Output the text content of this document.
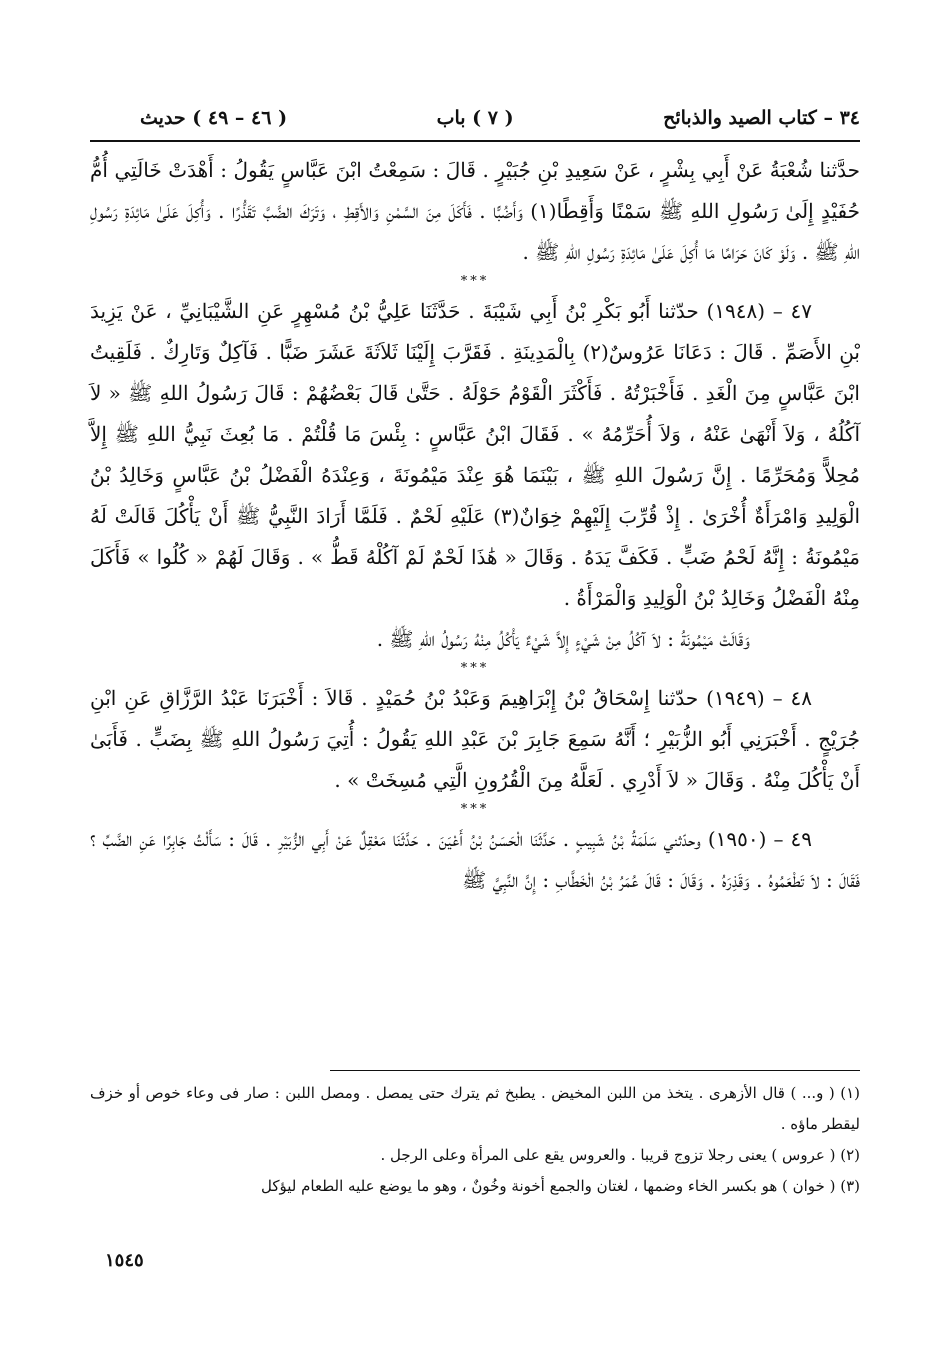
٣٤ – كتاب الصيد والذبائح
( ٧ ) باب
( ٤٦ – ٤٩ ) حديث

حدَّثنا شُعْبَةُ عَنْ أَبِي بِشْرٍ ، عَنْ سَعِيدِ بْنِ جُبَيْرٍ . قَالَ : سَمِعْتُ ابْنَ عَبَّاسٍ يَقُولُ : أَهْدَتْ خَالَتِي أُمُّ حُفَيْدٍ إِلَىٰ رَسُولِ اللهِ ﷺ سَمْنًا وَأَقِطًا(١) وَأَضُبًّا . فَأَكَلَ مِنَ السَّمْنِ وَالأَقِطِ ، وَتَرَكَ الضَّبَّ تَقَذُّرًا . وَأُكِلَ عَلَىٰ مَائِدَةِ رَسُولِ اللهِ ﷺ . وَلَوْ كَانَ حَرَامًا مَا أُكِلَ عَلَىٰ مَائِدَةِ رَسُولِ اللهِ ﷺ .

***

٤٧ – (١٩٤٨) حدّثنا أَبُو بَكْرِ بْنُ أَبِي شَيْبَةَ . حَدَّثَنَا عَلِيُّ بْنُ مُسْهِرٍ عَنِ الشَّيْبَانِيِّ ، عَنْ يَزِيدَ بْنِ الأَصَمِّ . قَالَ : دَعَانَا عَرُوسٌ(٢) بِالْمَدِينَةِ . فَقَرَّبَ إِلَيْنَا ثَلاَثَةَ عَشَرَ ضَبًّا . فَآكِلٌ وَتَارِكٌ . فَلَقِيتُ ابْنَ عَبَّاسٍ مِنَ الْغَدِ . فَأَخْبَرْتُهُ . فَأَكْثَرَ الْقَوْمُ حَوْلَهُ . حَتَّىٰ قَالَ بَعْضُهُمْ : قَالَ رَسُولُ اللهِ ﷺ « لاَ آكُلُهُ ، وَلاَ أَنْهَىٰ عَنْهُ ، وَلاَ أُحَرِّمُهُ » . فَقَالَ ابْنُ عَبَّاسٍ : بِئْسَ مَا قُلْتُمْ . مَا بُعِثَ نَبِيُّ اللهِ ﷺ إِلاَّ مُحِلاًّ وَمُحَرِّمًا . إِنَّ رَسُولَ اللهِ ﷺ ، بَيْنَمَا هُوَ عِنْدَ مَيْمُونَةَ ، وَعِنْدَهُ الْفَضْلُ بْنُ عَبَّاسٍ وَخَالِدُ بْنُ الْوَلِيدِ وَامْرَأَةٌ أُخْرَىٰ . إِذْ قُرِّبَ إِلَيْهِمْ خِوَانٌ(٣) عَلَيْهِ لَحْمٌ . فَلَمَّا أَرَادَ النَّبِيُّ ﷺ أَنْ يَأْكُلَ قَالَتْ لَهُ مَيْمُونَةُ : إِنَّهُ لَحْمُ ضَبٍّ . فَكَفَّ يَدَهُ . وَقَالَ « هَٰذَا لَحْمٌ لَمْ آكُلْهُ قَطُّ » . وَقَالَ لَهُمْ « كُلُوا » فَأَكَلَ مِنْهُ الْفَضْلُ وَخَالِدُ بْنُ الْوَلِيدِ وَالْمَرْأَةُ .

وَقَالَتْ مَيْمُونَةُ : لاَ آكُلُ مِنْ شَيْءٍ إِلاَّ شَيْءٌ يَأْكُلُ مِنْهُ رَسُولُ اللهِ ﷺ .

***

٤٨ – (١٩٤٩) حدّثنا إِسْحَاقُ بْنُ إِبْرَاهِيمَ وَعَبْدُ بْنُ حُمَيْدٍ . قَالاَ : أَخْبَرَنَا عَبْدُ الرَّزَّاقِ عَنِ ابْنِ جُرَيْجٍ . أَخْبَرَنِي أَبُو الزُّبَيْرِ ؛ أَنَّهُ سَمِعَ جَابِرَ بْنَ عَبْدِ اللهِ يَقُولُ : أُتِيَ رَسُولُ اللهِ ﷺ بِضَبٍّ . فَأَبَىٰ أَنْ يَأْكُلَ مِنْهُ . وَقَالَ « لاَ أَدْرِي . لَعَلَّهُ مِنَ الْقُرُونِ الَّتِي مُسِخَتْ » .

***

٤٩ – (١٩٥٠) وحدّثني سَلَمَةُ بْنُ شَبِيبٍ . حَدَّثَنَا الْحَسَنُ بْنُ أَعْيَنَ . حَدَّثَنَا مَعْقِلٌ عَنْ أَبِي الزُّبَيْرِ . قَالَ : سَأَلْتُ جَابِرًا عَنِ الضَّبِّ ؟ فَقَالَ : لاَ تَطْعَمُوهُ . وَقَذِرَهُ . وَقَالَ : قَالَ عُمَرُ بْنُ الْخَطَّابِ : إِنَّ النَّبِيَّ ﷺ

(١) ( و... ) قال الأزهرى . يتخذ من اللبن المخيض . يطبخ ثم يترك حتى يمصل . ومصل اللبن : صار فى وعاء خوص أو خزف ليقطر ماؤه .

(٢) ( عروس ) يعنى رجلا تزوج قريبا . والعروس يقع على المرأة وعلى الرجل .

(٣) ( خوان ) هو بكسر الخاء وضمها ، لغتان والجمع أخونة وخُونٌ ، وهو ما يوضع عليه الطعام ليؤكل

١٥٤٥
